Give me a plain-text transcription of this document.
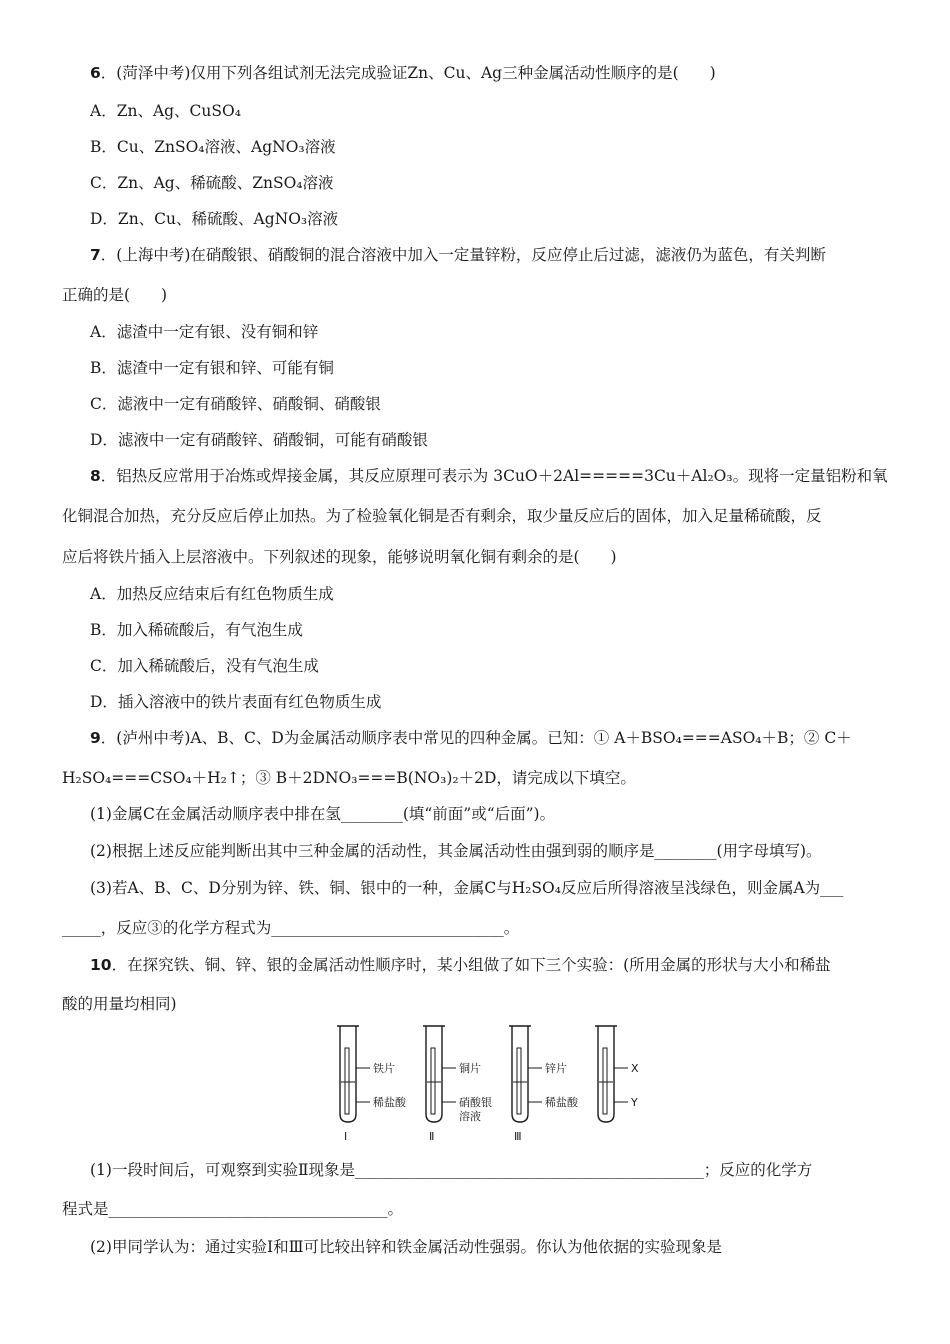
6．(菏泽中考)仅用下列各组试剂无法完成验证Zn、Cu、Ag三种金属活动性顺序的是(　　)
A．Zn、Ag、CuSO₄
B．Cu、ZnSO₄溶液、AgNO₃溶液
C．Zn、Ag、稀硫酸、ZnSO₄溶液
D．Zn、Cu、稀硫酸、AgNO₃溶液
7．(上海中考)在硝酸银、硝酸铜的混合溶液中加入一定量锌粉，反应停止后过滤，滤液仍为蓝色，有关判断
正确的是(　　)
A．滤渣中一定有银、没有铜和锌
B．滤渣中一定有银和锌、可能有铜
C．滤液中一定有硝酸锌、硝酸铜、硝酸银
D．滤液中一定有硝酸锌、硝酸铜，可能有硝酸银
8．铝热反应常用于冶炼或焊接金属，其反应原理可表示为 3CuO＋2Al=====3Cu＋Al₂O₃。现将一定量铝粉和氧
化铜混合加热，充分反应后停止加热。为了检验氧化铜是否有剩余，取少量反应后的固体，加入足量稀硫酸，反
应后将铁片插入上层溶液中。下列叙述的现象，能够说明氧化铜有剩余的是(　　)
A．加热反应结束后有红色物质生成
B．加入稀硫酸后，有气泡生成
C．加入稀硫酸后，没有气泡生成
D．插入溶液中的铁片表面有红色物质生成
9．(泸州中考)A、B、C、D为金属活动顺序表中常见的四种金属。已知：① A＋BSO₄===ASO₄＋B；② C＋
H₂SO₄===CSO₄＋H₂↑；③ B＋2DNO₃===B(NO₃)₂＋2D，请完成以下填空。
(1)金属C在金属活动顺序表中排在氢________(填“前面”或“后面”)。
(2)根据上述反应能判断出其中三种金属的活动性，其金属活动性由强到弱的顺序是________(用字母填写)。
(3)若A、B、C、D分别为锌、铁、铜、银中的一种，金属C与H₂SO₄反应后所得溶液呈浅绿色，则金属A为___
_____，反应③的化学方程式为______________________________。
10．在探究铁、铜、锌、银的金属活动性顺序时，某小组做了如下三个实验：(所用金属的形状与大小和稀盐
酸的用量均相同)
铁片
稀盐酸
I
铜片
硝酸银
溶液
Ⅱ
锌片
稀盐酸
Ⅲ
X
Y
(1)一段时间后，可观察到实验Ⅱ现象是_____________________________________________；反应的化学方
程式是____________________________________。
(2)甲同学认为：通过实验Ⅰ和Ⅲ可比较出锌和铁金属活动性强弱。你认为他依据的实验现象是
